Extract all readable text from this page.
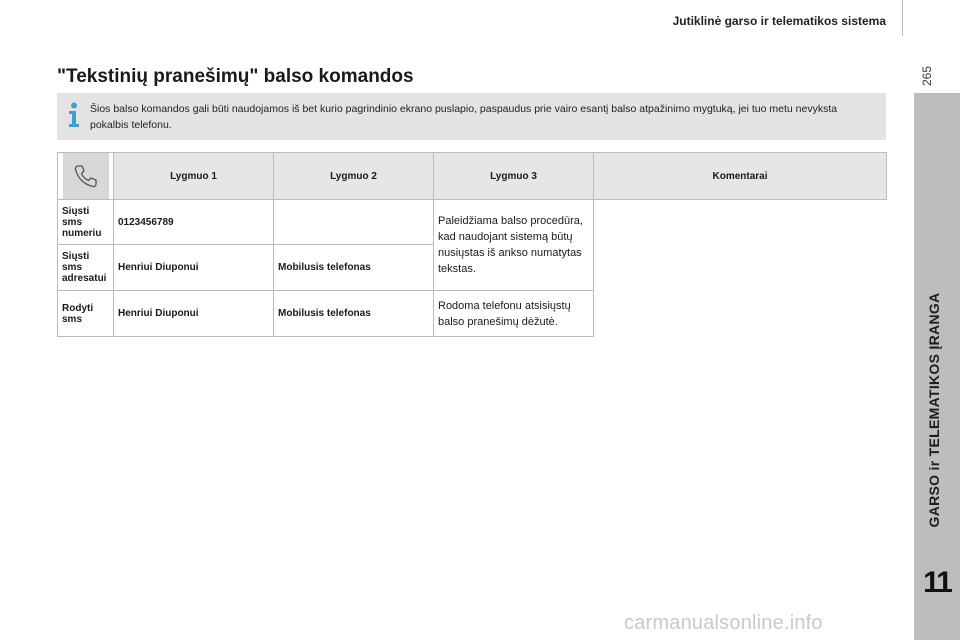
Jutiklinė garso ir telematikos sistema
265
GARSO ir TELEMATIKOS ĮRANGA
11
"Tekstinių pranešimų" balso komandos
Šios balso komandos gali būti naudojamos iš bet kurio pagrindinio ekrano puslapio, paspaudus prie vairo esantį balso atpažinimo mygtuką, jei tuo metu nevyksta pokalbis telefonu.
	Lygmuo 1	Lygmuo 2	Lygmuo 3	Komentarai
Siųsti sms numeriu	0123456789		Paleidžiama balso procedūra, kad naudojant sistemą būtų nusiųstas iš ankso numatytas tekstas.	
Siųsti sms adresatui	Henriui Diuponui	Mobilusis telefonas		
Rodyti sms	Henriui Diuponui	Mobilusis telefonas	Rodoma telefonu atsisiųstų balso pranešimų dėžutė.	
carmanualsonline.info
